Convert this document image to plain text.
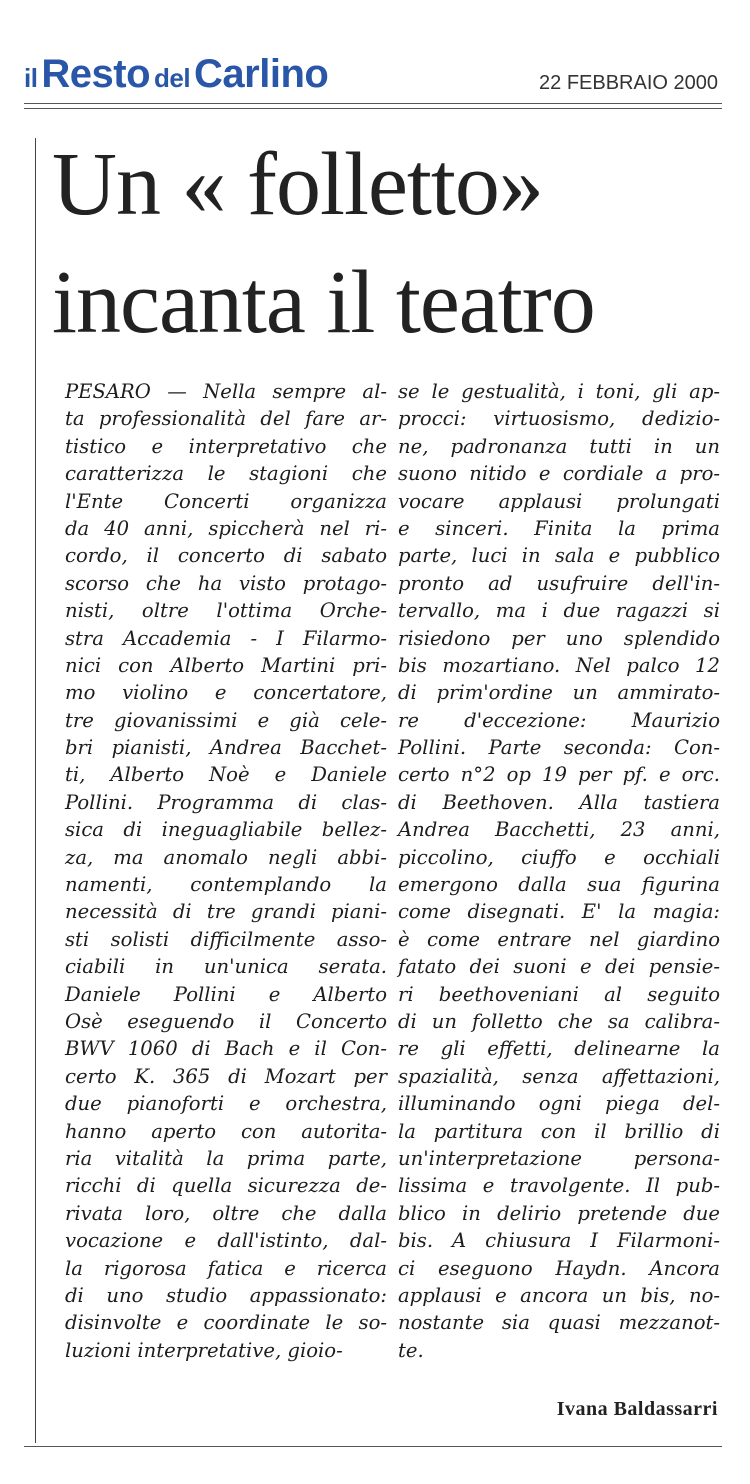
il Resto del Carlino	22 FEBBRAIO 2000
Un « folletto»
incanta il teatro
PESARO — Nella sempre al-
ta professionalità del fare ar-
tistico e interpretativo che
caratterizza le stagioni che
l'Ente Concerti organizza
da 40 anni, spiccherà nel ri-
cordo, il concerto di sabato
scorso che ha visto protago-
nisti, oltre l'ottima Orche-
stra Accademia - I Filarmo-
nici con Alberto Martini pri-
mo violino e concertatore,
tre giovanissimi e già cele-
bri pianisti, Andrea Bacchet-
ti, Alberto Noè e Daniele
Pollini. Programma di clas-
sica di ineguagliabile bellez-
za, ma anomalo negli abbi-
namenti, contemplando la
necessità di tre grandi piani-
sti solisti difficilmente asso-
ciabili in un'unica serata.
Daniele Pollini e Alberto
Osè eseguendo il Concerto
BWV 1060 di Bach e il Con-
certo K. 365 di Mozart per
due pianoforti e orchestra,
hanno aperto con autorita-
ria vitalità la prima parte,
ricchi di quella sicurezza de-
rivata loro, oltre che dalla
vocazione e dall'istinto, dal-
la rigorosa fatica e ricerca
di uno studio appassionato:
disinvolte e coordinate le so-
luzioni interpretative, gioio-
se le gestualità, i toni, gli ap-
procci: virtuosismo, dedizio-
ne, padronanza tutti in un
suono nitido e cordiale a pro-
vocare applausi prolungati
e sinceri. Finita la prima
parte, luci in sala e pubblico
pronto ad usufruire dell'in-
tervallo, ma i due ragazzi si
risiedono per uno splendido
bis mozartiano. Nel palco 12
di prim'ordine un ammirato-
re d'eccezione: Maurizio
Pollini. Parte seconda: Con-
certo n°2 op 19 per pf. e orc.
di Beethoven. Alla tastiera
Andrea Bacchetti, 23 anni,
piccolino, ciuffo e occhiali
emergono dalla sua figurina
come disegnati. E' la magia:
è come entrare nel giardino
fatato dei suoni e dei pensie-
ri beethoveniani al seguito
di un folletto che sa calibra-
re gli effetti, delinearne la
spazialità, senza affettazioni,
illuminando ogni piega del-
la partitura con il brillio di
un'interpretazione persona-
lissima e travolgente. Il pub-
blico in delirio pretende due
bis. A chiusura I Filarmoni-
ci eseguono Haydn. Ancora
applausi e ancora un bis, no-
nostante sia quasi mezzanot-
te.
Ivana Baldassarri
